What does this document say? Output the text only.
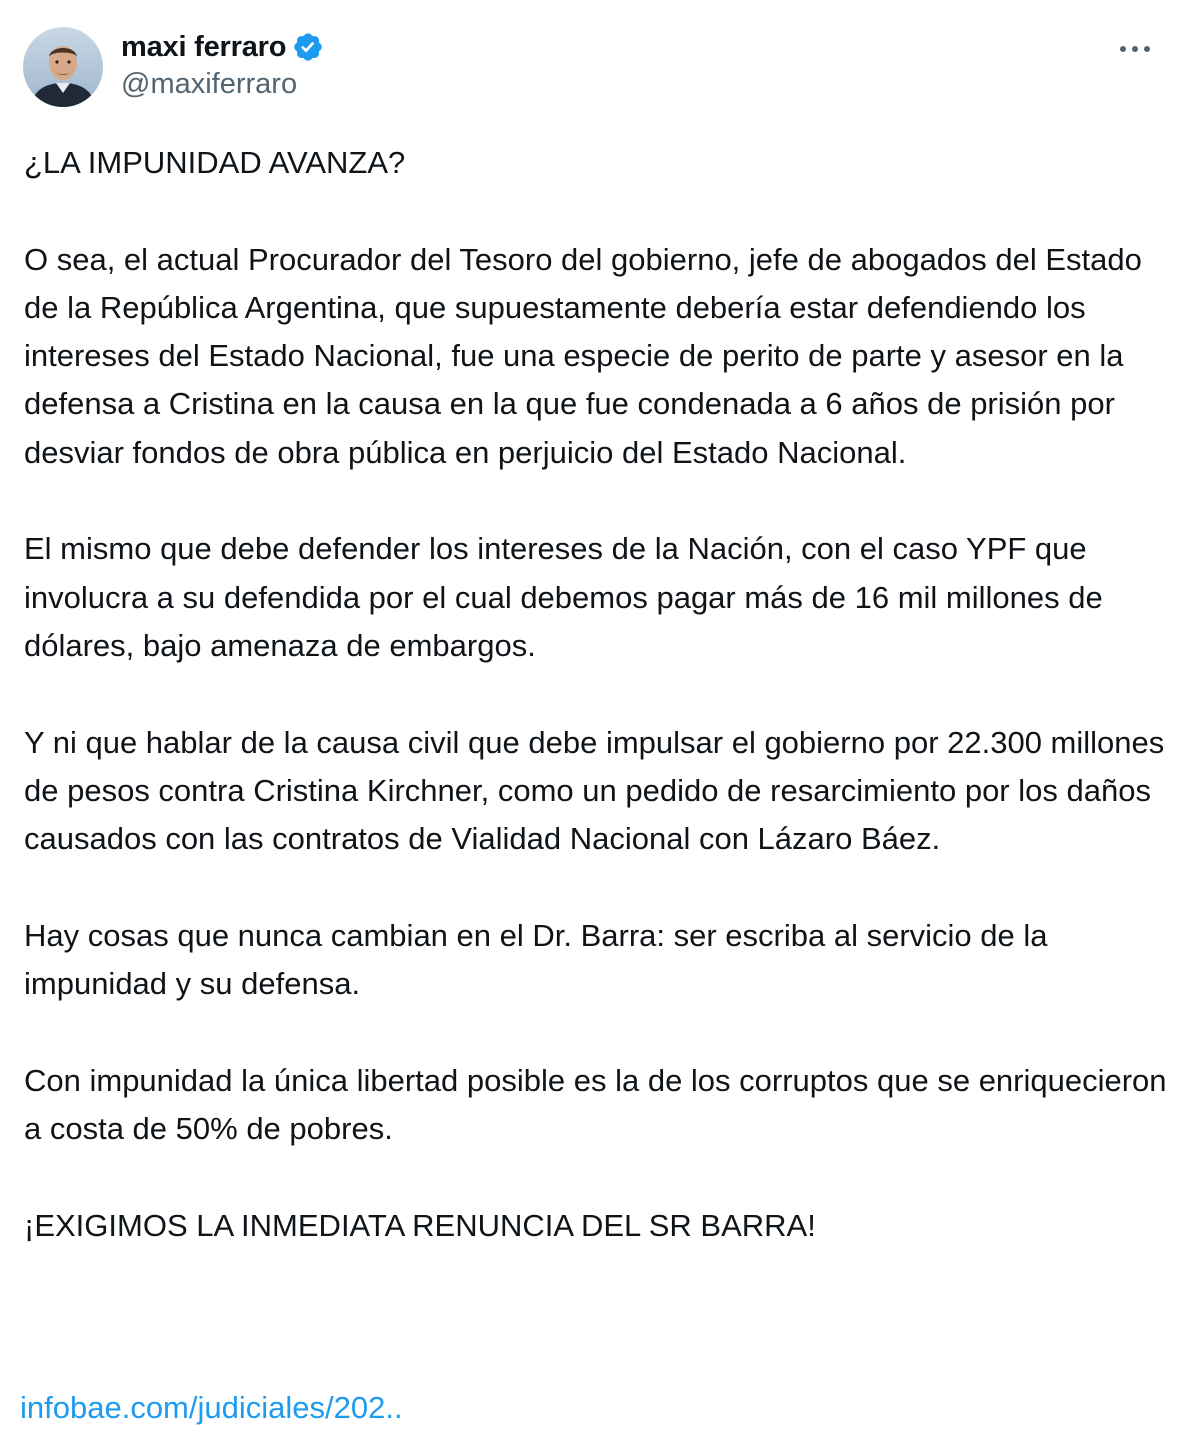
maxi ferraro
@maxiferraro

¿LA IMPUNIDAD AVANZA?

O sea, el actual Procurador del Tesoro del gobierno, jefe de abogados del Estado de la República Argentina, que supuestamente debería estar defendiendo los intereses del Estado Nacional, fue una especie de perito de parte y asesor en la defensa a Cristina en la causa en la que fue condenada a 6 años de prisión por desviar fondos de obra pública en perjuicio del Estado Nacional.

El mismo que debe defender los intereses de la Nación, con el caso YPF que involucra a su defendida por el cual debemos pagar más de 16 mil millones de dólares, bajo amenaza de embargos.

Y ni que hablar de la causa civil que debe impulsar el gobierno por 22.300 millones de pesos contra Cristina Kirchner, como un pedido de resarcimiento por los daños causados con las contratos de Vialidad Nacional con Lázaro Báez.

Hay cosas que nunca cambian en el Dr. Barra: ser escriba al servicio de la impunidad y su defensa.

Con impunidad la única libertad posible es la de los corruptos que se enriquecieron a costa de 50% de pobres.

¡EXIGIMOS LA INMEDIATA RENUNCIA DEL SR BARRA!

infobae.com/judiciales/202..
